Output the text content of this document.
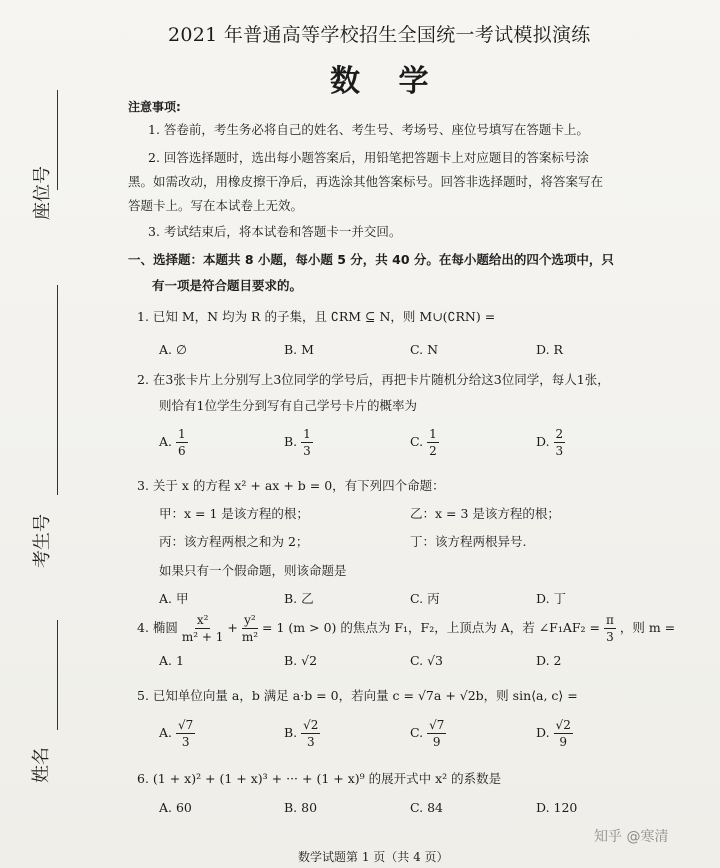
座位号
考生号
姓名
2021 年普通高等学校招生全国统一考试模拟演练
数 学
注意事项:
1. 答卷前，考生务必将自己的姓名、考生号、考场号、座位号填写在答题卡上。
2. 回答选择题时，选出每小题答案后，用铅笔把答题卡上对应题目的答案标号涂
黑。如需改动，用橡皮擦干净后，再选涂其他答案标号。回答非选择题时，将答案写在
答题卡上。写在本试卷上无效。
3. 考试结束后，将本试卷和答题卡一并交回。
一、选择题：本题共 8 小题，每小题 5 分，共 40 分。在每小题给出的四个选项中，只
有一项是符合题目要求的。
1. 已知 M，N 均为 R 的子集，且 ∁RM ⊆ N，则 M∪(∁RN) =
A. ∅	B. M	C. N	D. R
2. 在3张卡片上分别写上3位同学的学号后，再把卡片随机分给这3位同学，每人1张，
则恰有1位学生分到写有自己学号卡片的概率为
A. $\frac{1}{6}$	B. $\frac{1}{3}$	C. $\frac{1}{2}$	D. $\frac{2}{3}$
3. 关于 x 的方程 x² + ax + b = 0，有下列四个命题：
甲：x = 1 是该方程的根；	乙：x = 3 是该方程的根；
丙：该方程两根之和为 2；	丁：该方程两根异号.
如果只有一个假命题，则该命题是
A. 甲	B. 乙	C. 丙	D. 丁
4. 椭圆 $\frac{\text{x²}}{\text{m² + 1}} + \frac{\text{y²}}{\text{m²}} = 1$ (m > 0) 的焦点为 F₁，F₂，上顶点为 A，若 ∠F₁AF₂ = $\frac{\pi}{3}$ ，则 m =
A. 1	B. √2	C. √3	D. 2
5. 已知单位向量 a，b 满足 a·b = 0，若向量 c = √7a + √2b，则 sin⟨a, c⟩ =
A. $\frac{√7}{3}$	B. $\frac{√2}{3}$	C. $\frac{√7}{9}$	D. $\frac{√2}{9}$
6. (1 + x)² + (1 + x)³ + ··· + (1 + x)⁹ 的展开式中 x² 的系数是
A. 60	B. 80	C. 84	D. 120
知乎 @寒清
数学试题第 1 页（共 4 页）
